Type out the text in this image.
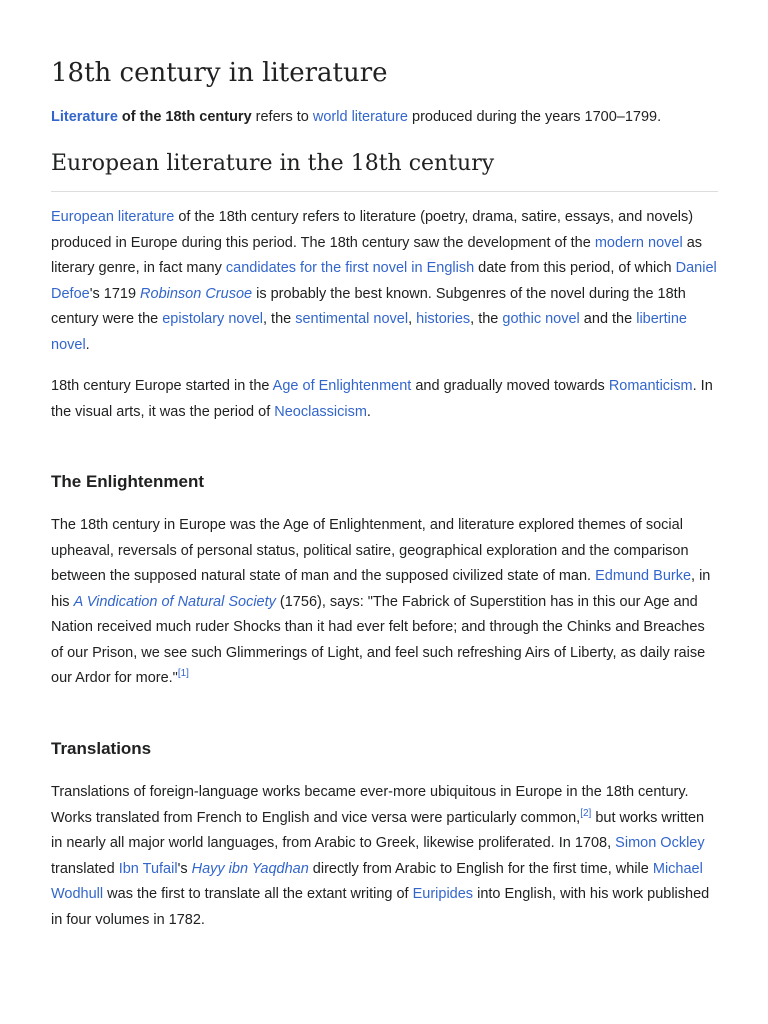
18th century in literature

Literature of the 18th century refers to world literature produced during the years 1700–1799.

European literature in the 18th century

European literature of the 18th century refers to literature (poetry, drama, satire, essays, and novels) produced in Europe during this period. The 18th century saw the development of the modern novel as literary genre, in fact many candidates for the first novel in English date from this period, of which Daniel Defoe's 1719 Robinson Crusoe is probably the best known. Subgenres of the novel during the 18th century were the epistolary novel, the sentimental novel, histories, the gothic novel and the libertine novel.

18th century Europe started in the Age of Enlightenment and gradually moved towards Romanticism. In the visual arts, it was the period of Neoclassicism.

The Enlightenment

The 18th century in Europe was the Age of Enlightenment, and literature explored themes of social upheaval, reversals of personal status, political satire, geographical exploration and the comparison between the supposed natural state of man and the supposed civilized state of man. Edmund Burke, in his A Vindication of Natural Society (1756), says: "The Fabrick of Superstition has in this our Age and Nation received much ruder Shocks than it had ever felt before; and through the Chinks and Breaches of our Prison, we see such Glimmerings of Light, and feel such refreshing Airs of Liberty, as daily raise our Ardor for more."[1]

Translations

Translations of foreign-language works became ever-more ubiquitous in Europe in the 18th century. Works translated from French to English and vice versa were particularly common,[2] but works written in nearly all major world languages, from Arabic to Greek, likewise proliferated. In 1708, Simon Ockley translated Ibn Tufail's Hayy ibn Yaqdhan directly from Arabic to English for the first time, while Michael Wodhull was the first to translate all the extant writing of Euripides into English, with his work published in four volumes in 1782.
